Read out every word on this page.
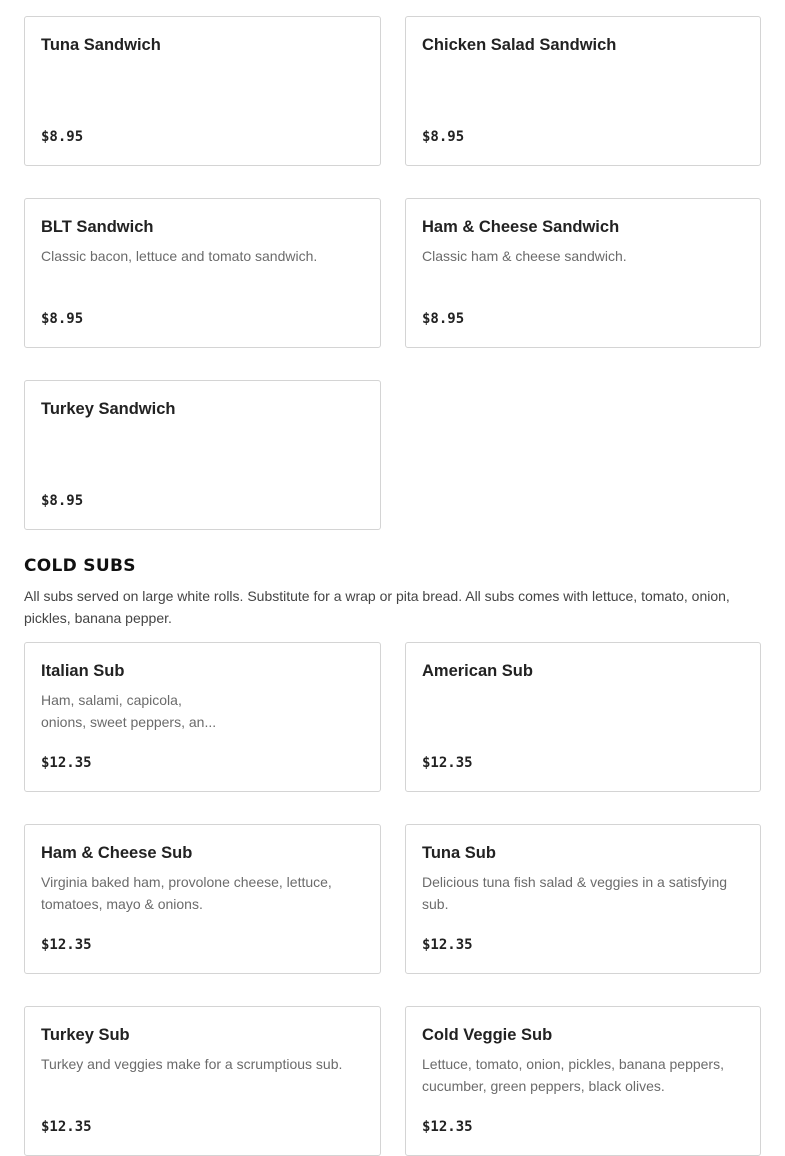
Tuna Sandwich
$8.95
Chicken Salad Sandwich
$8.95
BLT Sandwich
Classic bacon, lettuce and tomato sandwich.
$8.95
Ham & Cheese Sandwich
Classic ham & cheese sandwich.
$8.95
Turkey Sandwich
$8.95
COLD SUBS

All subs served on large white rolls. Substitute for a wrap or pita bread. All subs comes with lettuce, tomato, onion, pickles, banana pepper.

Italian Sub
Ham, salami, capicola, onions, sweet peppers, an...
$12.35
American Sub
$12.35
Ham & Cheese Sub
Virginia baked ham, provolone cheese, lettuce, tomatoes, mayo & onions.
$12.35
Tuna Sub
Delicious tuna fish salad & veggies in a satisfying sub.
$12.35
Turkey Sub
Turkey and veggies make for a scrumptious sub.
$12.35
Cold Veggie Sub
Lettuce, tomato, onion, pickles, banana peppers, cucumber, green peppers, black olives.
$12.35
